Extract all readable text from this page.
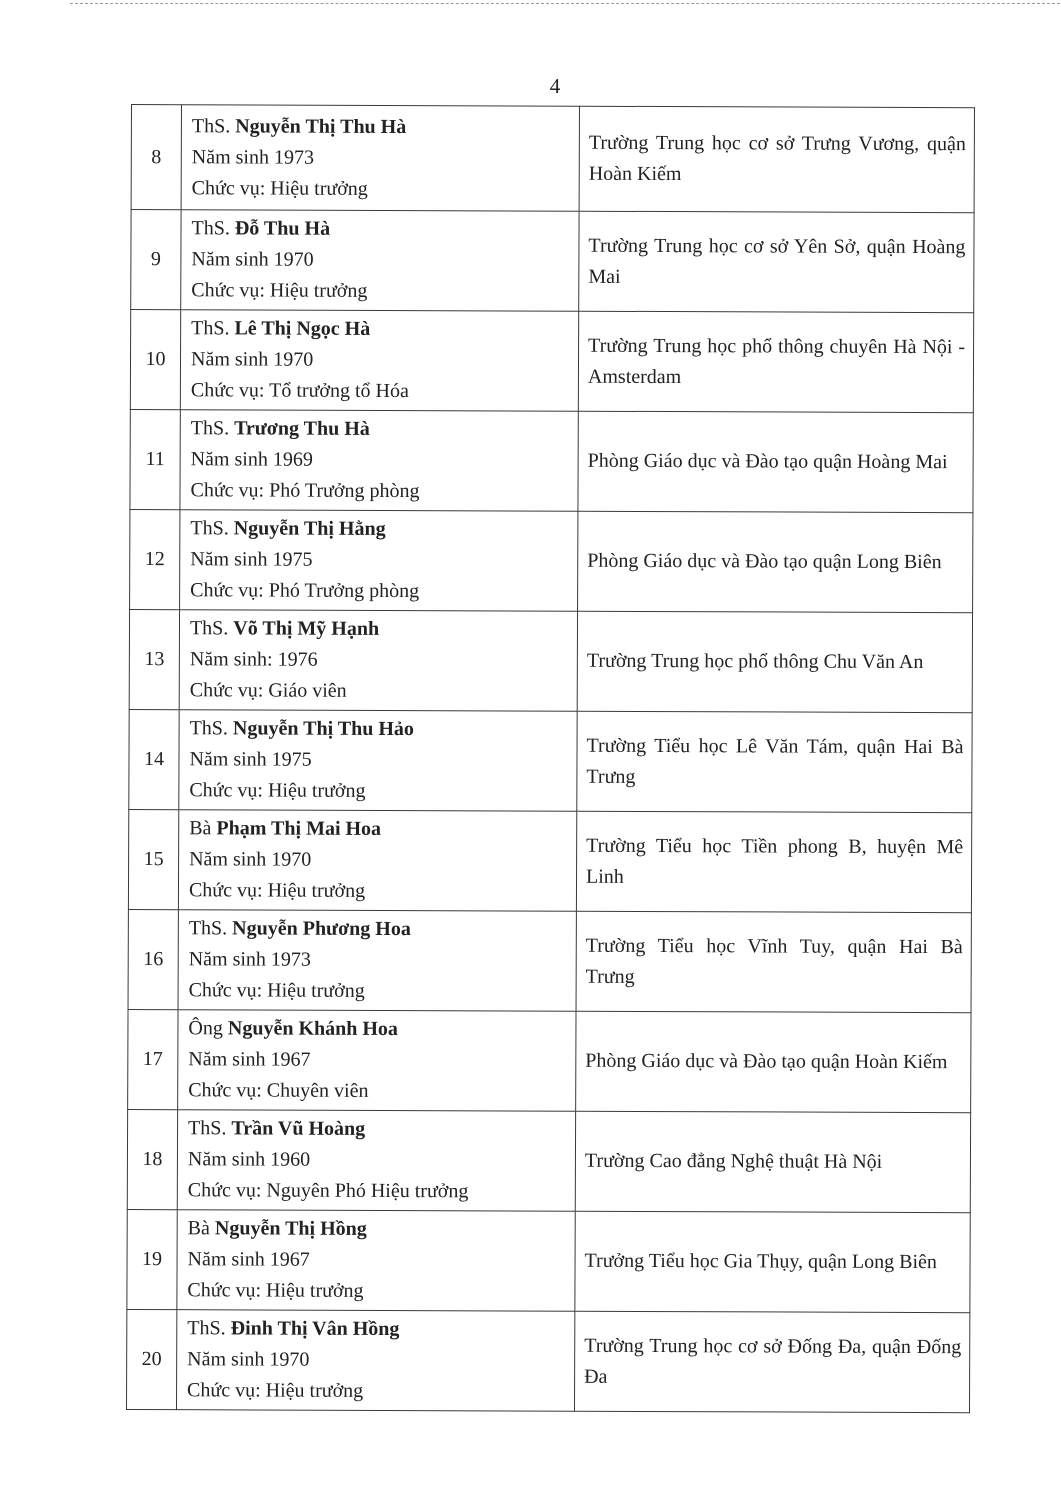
4
8	ThS. Nguyễn Thị Thu Hà
Năm sinh 1973
Chức vụ: Hiệu trưởng	Trường Trung học cơ sở Trưng Vương, quận Hoàn Kiếm
9	ThS. Đỗ Thu Hà
Năm sinh 1970
Chức vụ: Hiệu trưởng	Trường Trung học cơ sở Yên Sở, quận Hoàng Mai
10	ThS. Lê Thị Ngọc Hà
Năm sinh 1970
Chức vụ: Tổ trưởng tổ Hóa	Trường Trung học phổ thông chuyên Hà Nội - Amsterdam
11	ThS. Trương Thu Hà
Năm sinh 1969
Chức vụ: Phó Trưởng phòng	Phòng Giáo dục và Đào tạo quận Hoàng Mai
12	ThS. Nguyễn Thị Hằng
Năm sinh 1975
Chức vụ: Phó Trưởng phòng	Phòng Giáo dục và Đào tạo quận Long Biên
13	ThS. Võ Thị Mỹ Hạnh
Năm sinh: 1976
Chức vụ: Giáo viên	Trường Trung học phổ thông Chu Văn An
14	ThS. Nguyễn Thị Thu Hảo
Năm sinh 1975
Chức vụ: Hiệu trưởng	Trường Tiểu học Lê Văn Tám, quận Hai Bà Trưng
15	Bà Phạm Thị Mai Hoa
Năm sinh 1970
Chức vụ: Hiệu trưởng	Trường Tiểu học Tiền phong B, huyện Mê Linh
16	ThS. Nguyễn Phương Hoa
Năm sinh 1973
Chức vụ: Hiệu trưởng	Trường Tiểu học Vĩnh Tuy, quận Hai Bà Trưng
17	Ông Nguyễn Khánh Hoa
Năm sinh 1967
Chức vụ: Chuyên viên	Phòng Giáo dục và Đào tạo quận Hoàn Kiếm
18	ThS. Trần Vũ Hoàng
Năm sinh 1960
Chức vụ: Nguyên Phó Hiệu trưởng	Trường Cao đẳng Nghệ thuật Hà Nội
19	Bà Nguyễn Thị Hồng
Năm sinh 1967
Chức vụ: Hiệu trưởng	Trưởng Tiểu học Gia Thụy, quận Long Biên
20	ThS. Đinh Thị Vân Hồng
Năm sinh 1970
Chức vụ: Hiệu trưởng	Trường Trung học cơ sở Đống Đa, quận Đống Đa
